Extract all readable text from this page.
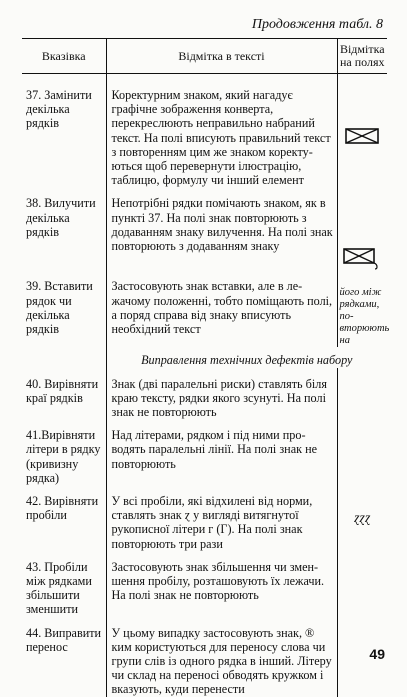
Продовження табл. 8
Вказівка	Відмітка в тексті	Відмітка на полях
37. Замінити декілька рядків	Коректурним знаком, який нагадує графічне зображення конверта, перекреслюють неправильно набраний текст. На полі вписують правильний текст з повторенням цим же знаком коректуються щоб перевернути ілюстрацію, таблицю, формулу чи інший елемент	

38. Вилучити декілька рядків	Непотрібні рядки помічають знаком, як в пункті 37. На полі знак повторюють з додаванням знаку вилучення. На полі знак повторюють з додаванням знаку	

39. Вставити рядок чи декілька рядків	Застосовують знак вставки, але в лежачому положенні, тобто поміщають полі, а поряд справа від знаку вписують необхідний текст	його між рядками, повторюють на

	Виправлення технічних дефектів набору	
40. Вирівняти краї рядків	Знак (дві паралельні риски) ставлять біля краю тексту, рядки якого зсунуті. На полі знак не повторюють	
41.Вирівняти літери в рядку (кривизну рядка)	Над літерами, рядком і під ними проводять паралельні лінії. На полі знак не повторюють	
42. Вирівняти пробіли	У всі пробіли, які відхилені від норми, ставлять знак ɀ у вигляді витягнутої рукописної літери г (Г). На полі знак повторюють три рази	ɀɀɀ

43. Пробіли між рядками збільшити зменшити	Застосовують знак збільшення чи зменшення пробілу, розташовують їх лежачи. На полі знак не повторюють	
44. Виправити перенос	У цьому випадку застосовують знак, ® ким користуються для переносу слова чи групи слів із одного рядка в інший. Літеру чи склад на переносі обводять кружком і вказують, куди перенести	
49
